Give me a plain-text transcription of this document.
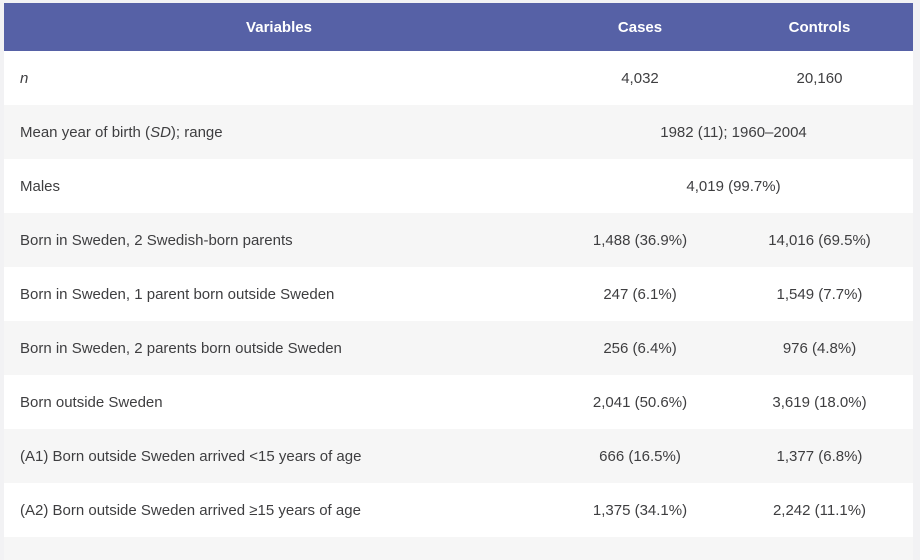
Variables	Cases	Controls
n	4,032	20,160
Mean year of birth (SD); range	1982 (11); 1960–2004
Males	4,019 (99.7%)
Born in Sweden, 2 Swedish-born parents	1,488 (36.9%)	14,016 (69.5%)
Born in Sweden, 1 parent born outside Sweden	247 (6.1%)	1,549 (7.7%)
Born in Sweden, 2 parents born outside Sweden	256 (6.4%)	976 (4.8%)
Born outside Sweden	2,041 (50.6%)	3,619 (18.0%)
(A1) Born outside Sweden arrived <15 years of age	666 (16.5%)	1,377 (6.8%)
(A2) Born outside Sweden arrived ≥15 years of age	1,375 (34.1%)	2,242 (11.1%)
